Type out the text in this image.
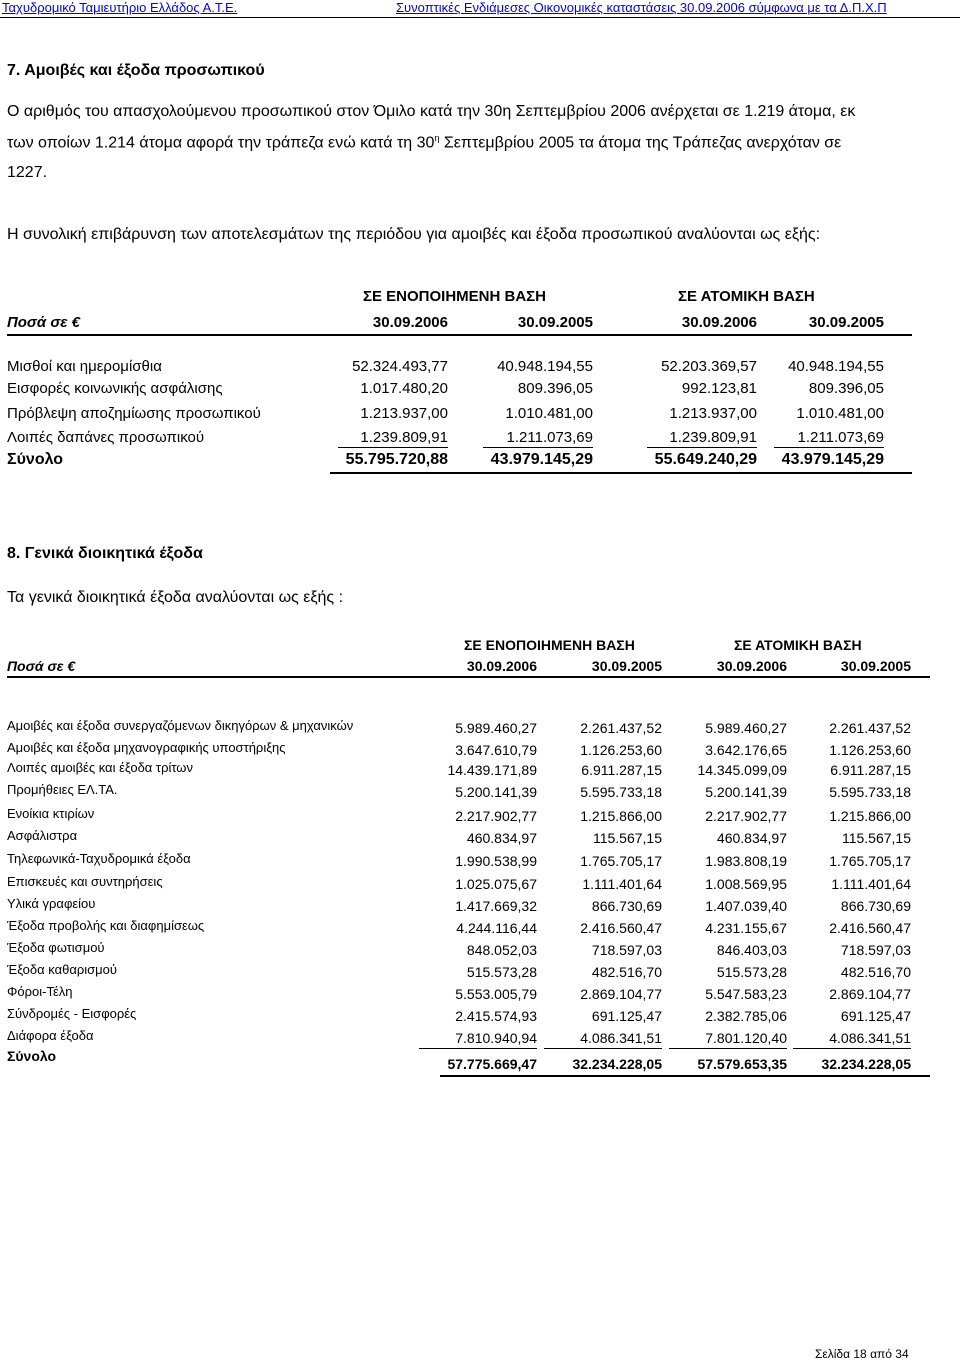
Ταχυδρομικό Ταμιευτήριο Ελλάδος Α.Τ.Ε.	Συνοπτικές Ενδιάμεσες Οικονομικές καταστάσεις 30.09.2006 σύμφωνα με τα Δ.Π.Χ.Π
7. Αμοιβές και έξοδα προσωπικού
Ο αριθμός του απασχολούμενου προσωπικού στον Όμιλο κατά την 30η Σεπτεμβρίου 2006 ανέρχεται σε 1.219 άτομα, εκ
των οποίων 1.214 άτομα αφορά την τράπεζα ενώ κατά τη $30^\eta$ Σεπτεμβρίου 2005 τα άτομα της Τράπεζας ανερχόταν σε
1227.
Η συνολική επιβάρυνση των αποτελεσμάτων της περιόδου για αμοιβές και έξοδα προσωπικού αναλύονται ως εξής:
ΣΕ ΕΝΟΠΟΙΗΜΕΝΗ ΒΑΣΗ	ΣΕ ΑΤΟΜΙΚΗ ΒΑΣΗ
Ποσά σε €	30.09.2006	30.09.2005	30.09.2006	30.09.2005
Μισθοί και ημερομίσθια	52.324.493,77	40.948.194,55	52.203.369,57	40.948.194,55
Εισφορές κοινωνικής ασφάλισης	1.017.480,20	809.396,05	992.123,81	809.396,05
Πρόβλεψη αποζημίωσης προσωπικού	1.213.937,00	1.010.481,00	1.213.937,00	1.010.481,00
Λοιπές δαπάνες προσωπικού	1.239.809,91	1.211.073,69	1.239.809,91	1.211.073,69
Σύνολο	55.795.720,88	43.979.145,29	55.649.240,29	43.979.145,29
8. Γενικά διοικητικά έξοδα
Τα γενικά διοικητικά έξοδα αναλύονται ως εξής :
ΣΕ ΕΝΟΠΟΙΗΜΕΝΗ ΒΑΣΗ	ΣΕ ΑΤΟΜΙΚΗ ΒΑΣΗ
Ποσά σε €	30.09.2006	30.09.2005	30.09.2006	30.09.2005
Αμοιβές και έξοδα συνεργαζόμενων δικηγόρων & μηχανικών	5.989.460,27	2.261.437,52	5.989.460,27	2.261.437,52
Αμοιβές και έξοδα μηχανογραφικής υποστήριξης	3.647.610,79	1.126.253,60	3.642.176,65	1.126.253,60
Λοιπές αμοιβές και έξοδα τρίτων	14.439.171,89	6.911.287,15	14.345.099,09	6.911.287,15
Προμήθειες ΕΛ.ΤΑ.	5.200.141,39	5.595.733,18	5.200.141,39	5.595.733,18
Ενοίκια κτιρίων	2.217.902,77	1.215.866,00	2.217.902,77	1.215.866,00
Ασφάλιστρα	460.834,97	115.567,15	460.834,97	115.567,15
Τηλεφωνικά-Ταχυδρομικά έξοδα	1.990.538,99	1.765.705,17	1.983.808,19	1.765.705,17
Επισκευές και συντηρήσεις	1.025.075,67	1.111.401,64	1.008.569,95	1.111.401,64
Υλικά γραφείου	1.417.669,32	866.730,69	1.407.039,40	866.730,69
Έξοδα προβολής και διαφημίσεως	4.244.116,44	2.416.560,47	4.231.155,67	2.416.560,47
Έξοδα φωτισμού	848.052,03	718.597,03	846.403,03	718.597,03
Έξοδα καθαρισμού	515.573,28	482.516,70	515.573,28	482.516,70
Φόροι-Τέλη	5.553.005,79	2.869.104,77	5.547.583,23	2.869.104,77
Σύνδρομές - Εισφορές	2.415.574,93	691.125,47	2.382.785,06	691.125,47
Διάφορα έξοδα	7.810.940,94	4.086.341,51	7.801.120,40	4.086.341,51
Σύνολο	57.775.669,47	32.234.228,05	57.579.653,35	32.234.228,05
Σελίδα 18 από 34
